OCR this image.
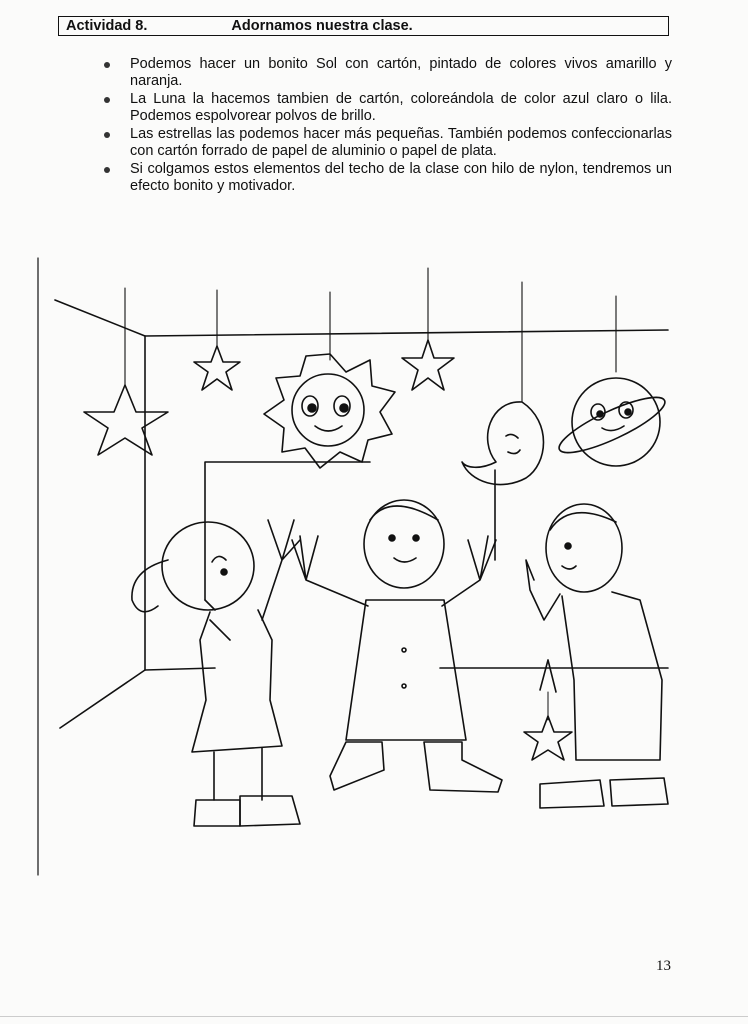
Actividad 8.	Adornamos nuestra clase.
Podemos hacer un bonito Sol con cartón, pintado de colores vivos amarillo y naranja.
La Luna la hacemos tambien de cartón, coloreándola de color azul claro o lila. Podemos espolvorear polvos de brillo.
Las estrellas las podemos hacer más pequeñas. También podemos confeccionarlas con cartón forrado de papel de aluminio o papel de plata.
Si colgamos estos elementos del techo de la clase con hilo de nylon, tendremos un efecto bonito y motivador.
13
